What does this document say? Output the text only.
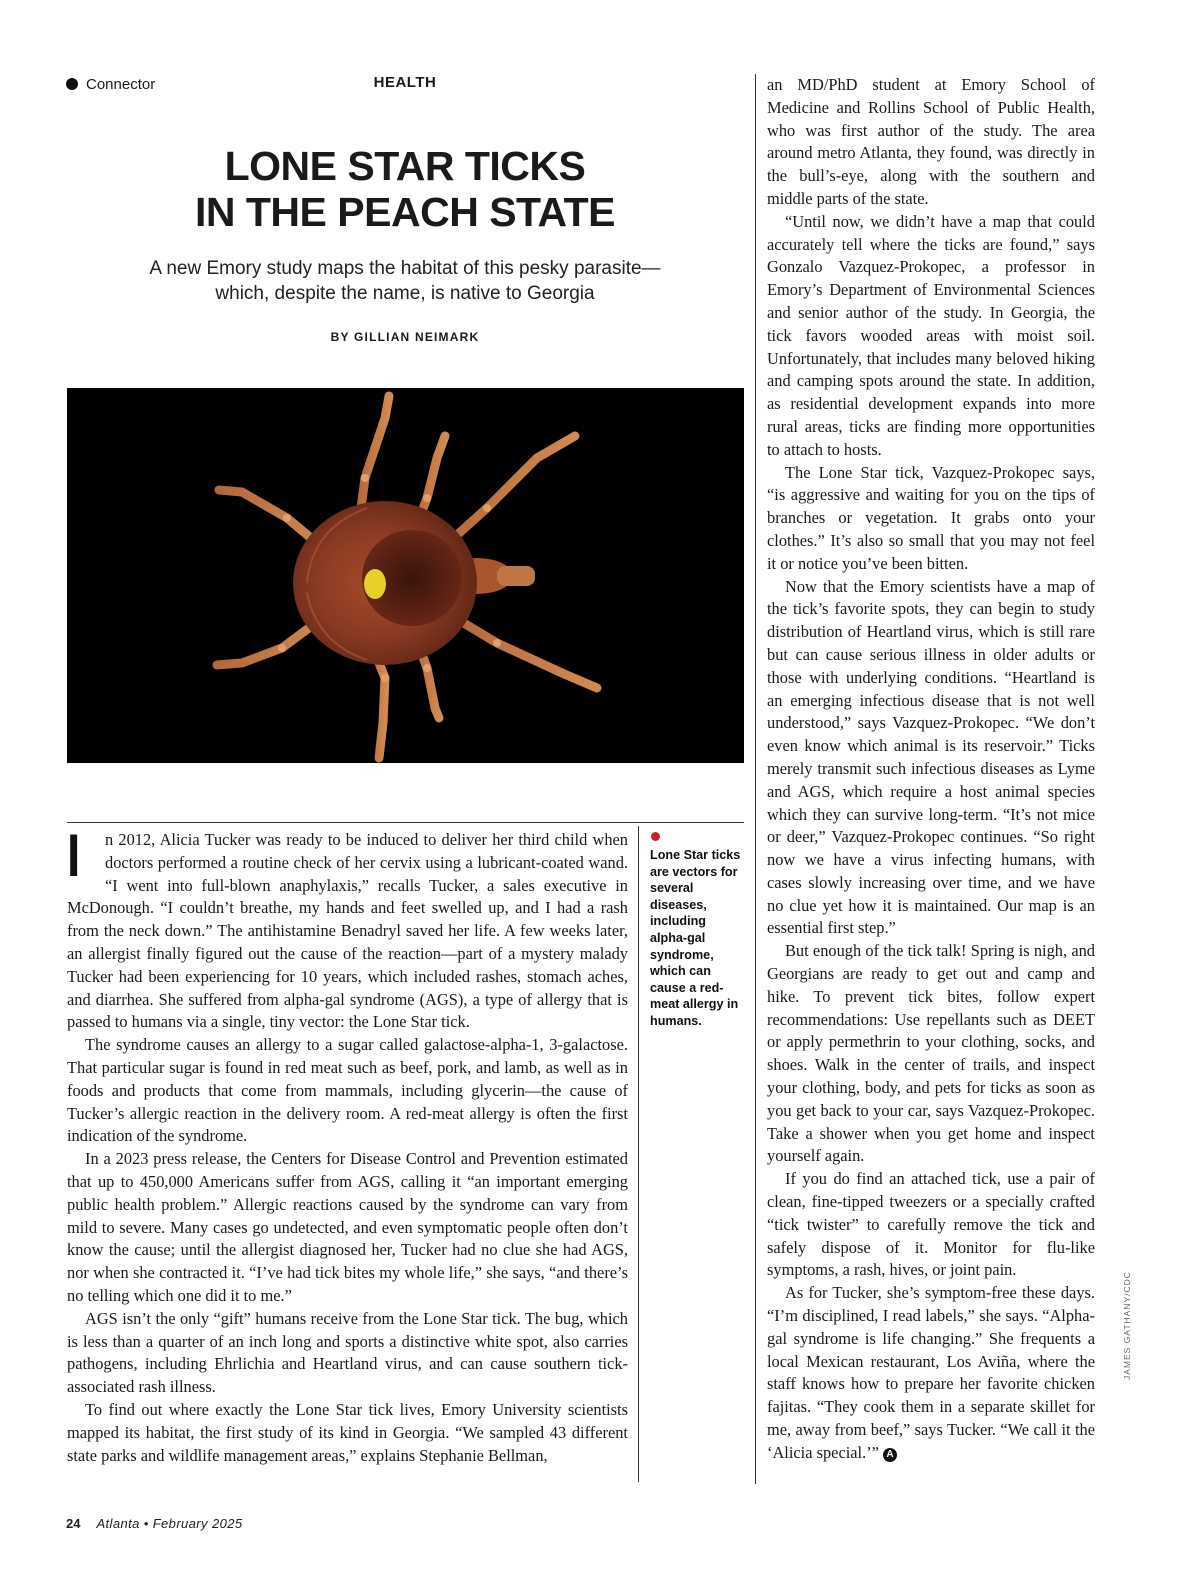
Connector	HEALTH
LONE STAR TICKS
IN THE PEACH STATE

A new Emory study maps the habitat of this pesky parasite—
which, despite the name, is native to Georgia

BY GILLIAN NEIMARK
Lone Star ticks are vectors for several diseases, including alpha-gal syndrome, which can cause a red-meat allergy in humans.

I	n 2012, Alicia Tucker was ready to be induced to deliver her third child when doctors performed a routine check of her cervix using a lubricant-coated wand. “I went into full-blown anaphylaxis,” recalls Tucker, a sales executive in McDonough. “I couldn’t breathe, my hands and feet swelled up, and I had a rash from the neck down.” The antihistamine Benadryl saved her life. A few weeks later, an allergist finally figured out the cause of the reaction—part of a mystery malady Tucker had been experiencing for 10 years, which included rashes, stomach aches, and diarrhea. She suffered from alpha-gal syndrome (AGS), a type of allergy that is passed to humans via a single, tiny vector: the Lone Star tick.

The syndrome causes an allergy to a sugar called galactose-alpha-1, 3-galactose. That particular sugar is found in red meat such as beef, pork, and lamb, as well as in foods and products that come from mammals, including glycerin—the cause of Tucker’s allergic reaction in the delivery room. A red-meat allergy is often the first indication of the syndrome.

In a 2023 press release, the Centers for Disease Control and Prevention estimated that up to 450,000 Americans suffer from AGS, calling it “an important emerging public health problem.” Allergic reactions caused by the syndrome can vary from mild to severe. Many cases go undetected, and even symptomatic people often don’t know the cause; until the allergist diagnosed her, Tucker had no clue she had AGS, nor when she contracted it. “I’ve had tick bites my whole life,” she says, “and there’s no telling which one did it to me.”

AGS isn’t the only “gift” humans receive from the Lone Star tick. The bug, which is less than a quarter of an inch long and sports a distinctive white spot, also carries pathogens, including Ehrlichia and Heartland virus, and can cause southern tick-associated rash illness.

To find out where exactly the Lone Star tick lives, Emory University scientists mapped its habitat, the first study of its kind in Georgia. “We sampled 43 different state parks and wildlife management areas,” explains Stephanie Bellman,

an MD/PhD student at Emory School of Medicine and Rollins School of Public Health, who was first author of the study. The area around metro Atlanta, they found, was directly in the bull’s-eye, along with the southern and middle parts of the state.

“Until now, we didn’t have a map that could accurately tell where the ticks are found,” says Gonzalo Vazquez-Prokopec, a professor in Emory’s Department of Environmental Sciences and senior author of the study. In Georgia, the tick favors wooded areas with moist soil. Unfortunately, that includes many beloved hiking and camping spots around the state. In addition, as residential development expands into more rural areas, ticks are finding more opportunities to attach to hosts.

The Lone Star tick, Vazquez-Prokopec says, “is aggressive and waiting for you on the tips of branches or vegetation. It grabs onto your clothes.” It’s also so small that you may not feel it or notice you’ve been bitten.

Now that the Emory scientists have a map of the tick’s favorite spots, they can begin to study distribution of Heartland virus, which is still rare but can cause serious illness in older adults or those with underlying conditions. “Heartland is an emerging infectious disease that is not well understood,” says Vazquez-Prokopec. “We don’t even know which animal is its reservoir.” Ticks merely transmit such infectious diseases as Lyme and AGS, which require a host animal species which they can survive long-term. “It’s not mice or deer,” Vazquez-Prokopec continues. “So right now we have a virus infecting humans, with cases slowly increasing over time, and we have no clue yet how it is maintained. Our map is an essential first step.”

But enough of the tick talk! Spring is nigh, and Georgians are ready to get out and camp and hike. To prevent tick bites, follow expert recommendations: Use repellants such as DEET or apply permethrin to your clothing, socks, and shoes. Walk in the center of trails, and inspect your clothing, body, and pets for ticks as soon as you get back to your car, says Vazquez-Prokopec. Take a shower when you get home and inspect yourself again.

If you do find an attached tick, use a pair of clean, fine-tipped tweezers or a specially crafted “tick twister” to carefully remove the tick and safely dispose of it. Monitor for flu-like symptoms, a rash, hives, or joint pain.

As for Tucker, she’s symptom-free these days. “I’m disciplined, I read labels,” she says. “Alpha-gal syndrome is life changing.” She frequents a local Mexican restaurant, Los Aviña, where the staff knows how to prepare her favorite chicken fajitas. “They cook them in a separate skillet for me, away from beef,” says Tucker. “We call it the ‘Alicia special.’” A

JAMES GATHANY/CDC
24 Atlanta • February 2025
